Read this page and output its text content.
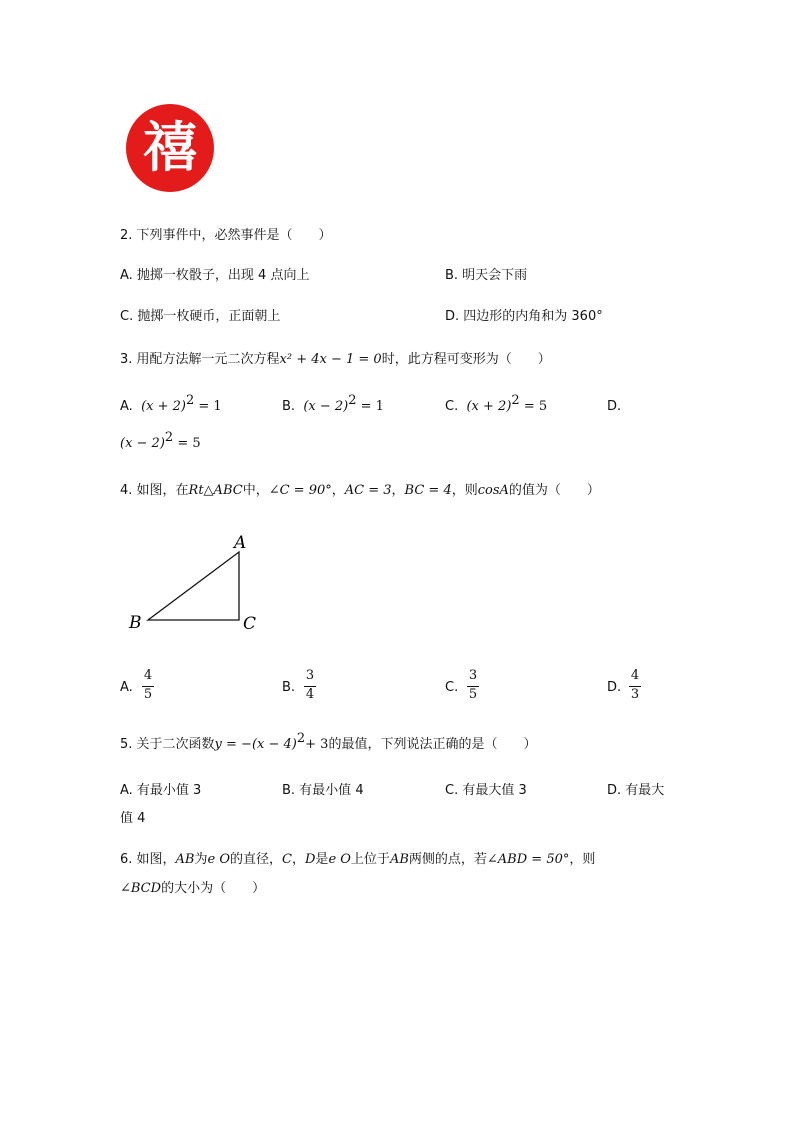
禧
2. 下列事件中，必然事件是（　　）
A. 抛掷一枚骰子，出现 4 点向上	B. 明天会下雨
C. 抛掷一枚硬币，正面朝上	D. 四边形的内角和为 360°
3. 用配方法解一元二次方程x² + 4x − 1 = 0时，此方程可变形为（　　）
A. $(x + 2)^2 = 1$	B. $(x - 2)^2 = 1$	C. $(x + 2)^2 = 5$	D.
$(x - 2)^2 = 5$
4. 如图，在Rt△ABC中，∠C = 90°，AC = 3，BC = 4，则cosA的值为（　　）
A
B	C
A.
4
5	B.
3
4	C.
3
5	D.
4
3
5. 关于二次函数$y = -(x - 4)^2+ 3$的最值，下列说法正确的是（　　）
A. 有最小值 3	B. 有最小值 4	C. 有最大值 3	D. 有最大
值 4
6. 如图，AB为e O的直径，C，D是e O上位于AB两侧的点，若∠ABD = 50°，则
∠BCD的大小为（　　）
